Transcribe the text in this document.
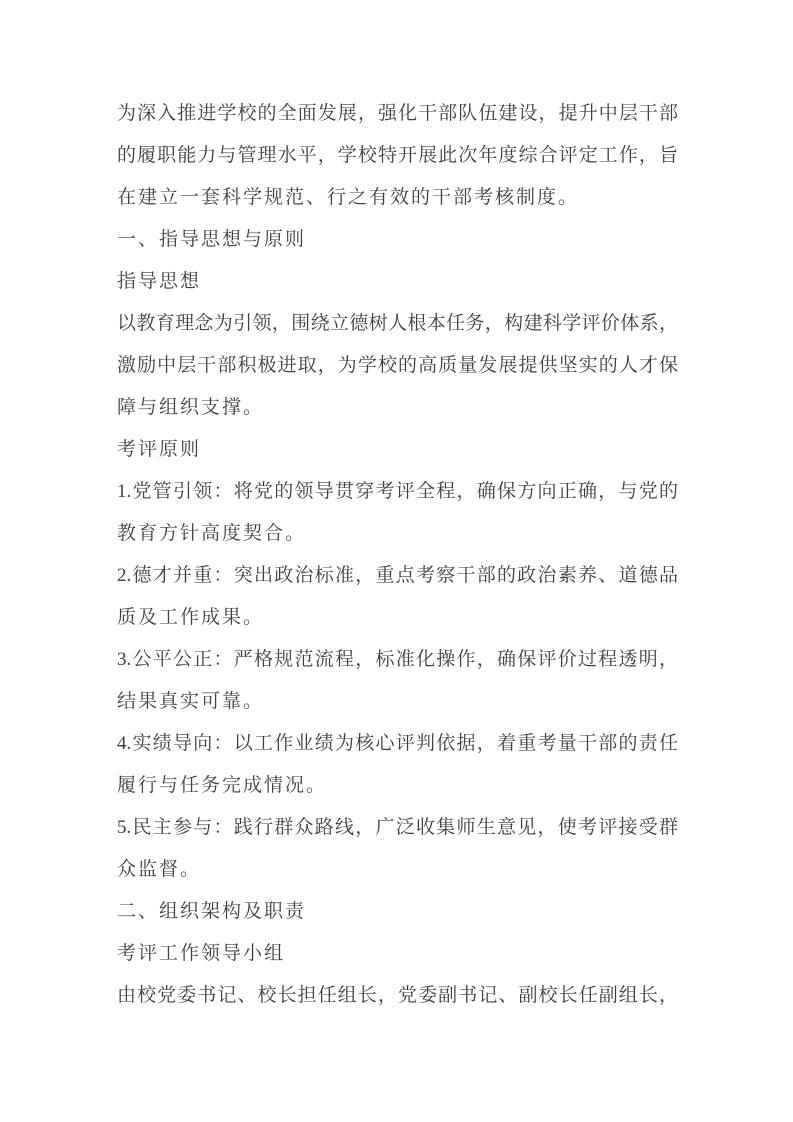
为深入推进学校的全面发展，强化干部队伍建设，提升中层干部
的履职能力与管理水平，学校特开展此次年度综合评定工作，旨
在建立一套科学规范、行之有效的干部考核制度。
一、指导思想与原则
指导思想
以教育理念为引领，围绕立德树人根本任务，构建科学评价体系，
激励中层干部积极进取，为学校的高质量发展提供坚实的人才保
障与组织支撑。
考评原则
1.党管引领：将党的领导贯穿考评全程，确保方向正确，与党的
教育方针高度契合。
2.德才并重：突出政治标准，重点考察干部的政治素养、道德品
质及工作成果。
3.公平公正：严格规范流程，标准化操作，确保评价过程透明，
结果真实可靠。
4.实绩导向：以工作业绩为核心评判依据，着重考量干部的责任
履行与任务完成情况。
5.民主参与：践行群众路线，广泛收集师生意见，使考评接受群
众监督。
二、组织架构及职责
考评工作领导小组
由校党委书记、校长担任组长，党委副书记、副校长任副组长，
